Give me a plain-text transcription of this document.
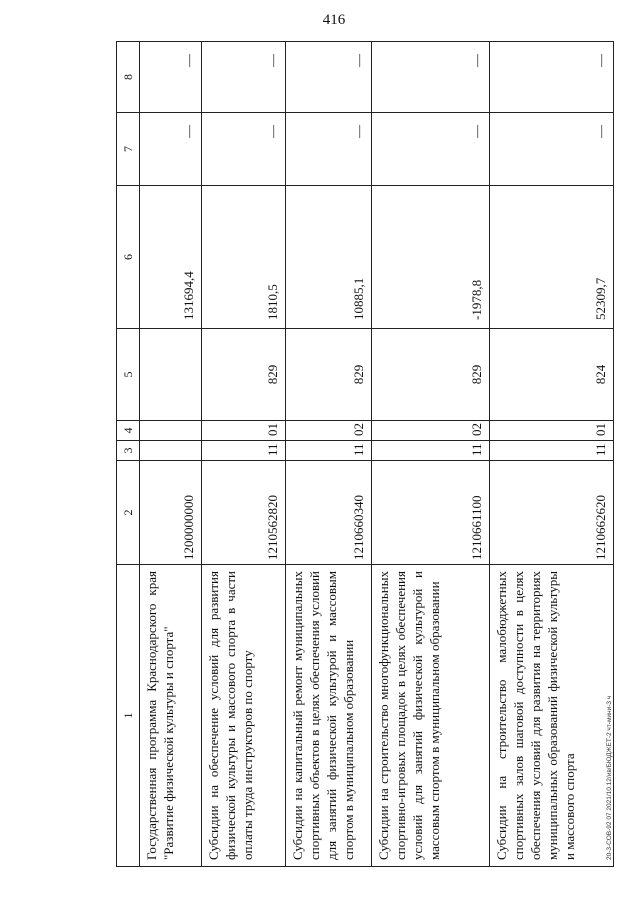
416
20-3-СОВ-92 07 2021/10.12/ив/БЮДЖЕТ-2 чт-мини-3 ч
1	2	3	4	5	6	7	8
Государственная программа Краснодарского края "Развитие физической культуры и спорта"	1200000000				131694,4	—	—
Субсидии на обеспечение условий для развития физической культуры и массового спорта в части оплаты труда инструкторов по спорту	1210562820	11	01	829	1810,5	—	—
Субсидии на капитальный ремонт муниципальных спортивных объектов в целях обеспечения условий для занятий физической культурой и массовым спортом в муниципальном образовании	1210660340	11	02	829	10885,1	—	—
Субсидии на строительство многофункциональных спортивно-игровых площадок в целях обеспечения условий для занятий физической культурой и массовым спортом в муниципальном образовании	1210661100	11	02	829	-1978,8	—	—
Субсидии на строительство малобюджетных спортивных залов шаговой доступности в целях обеспечения условий для развития на территориях муниципальных образований физической культуры и массового спорта	1210662620	11	01	824	52309,7	—	—
